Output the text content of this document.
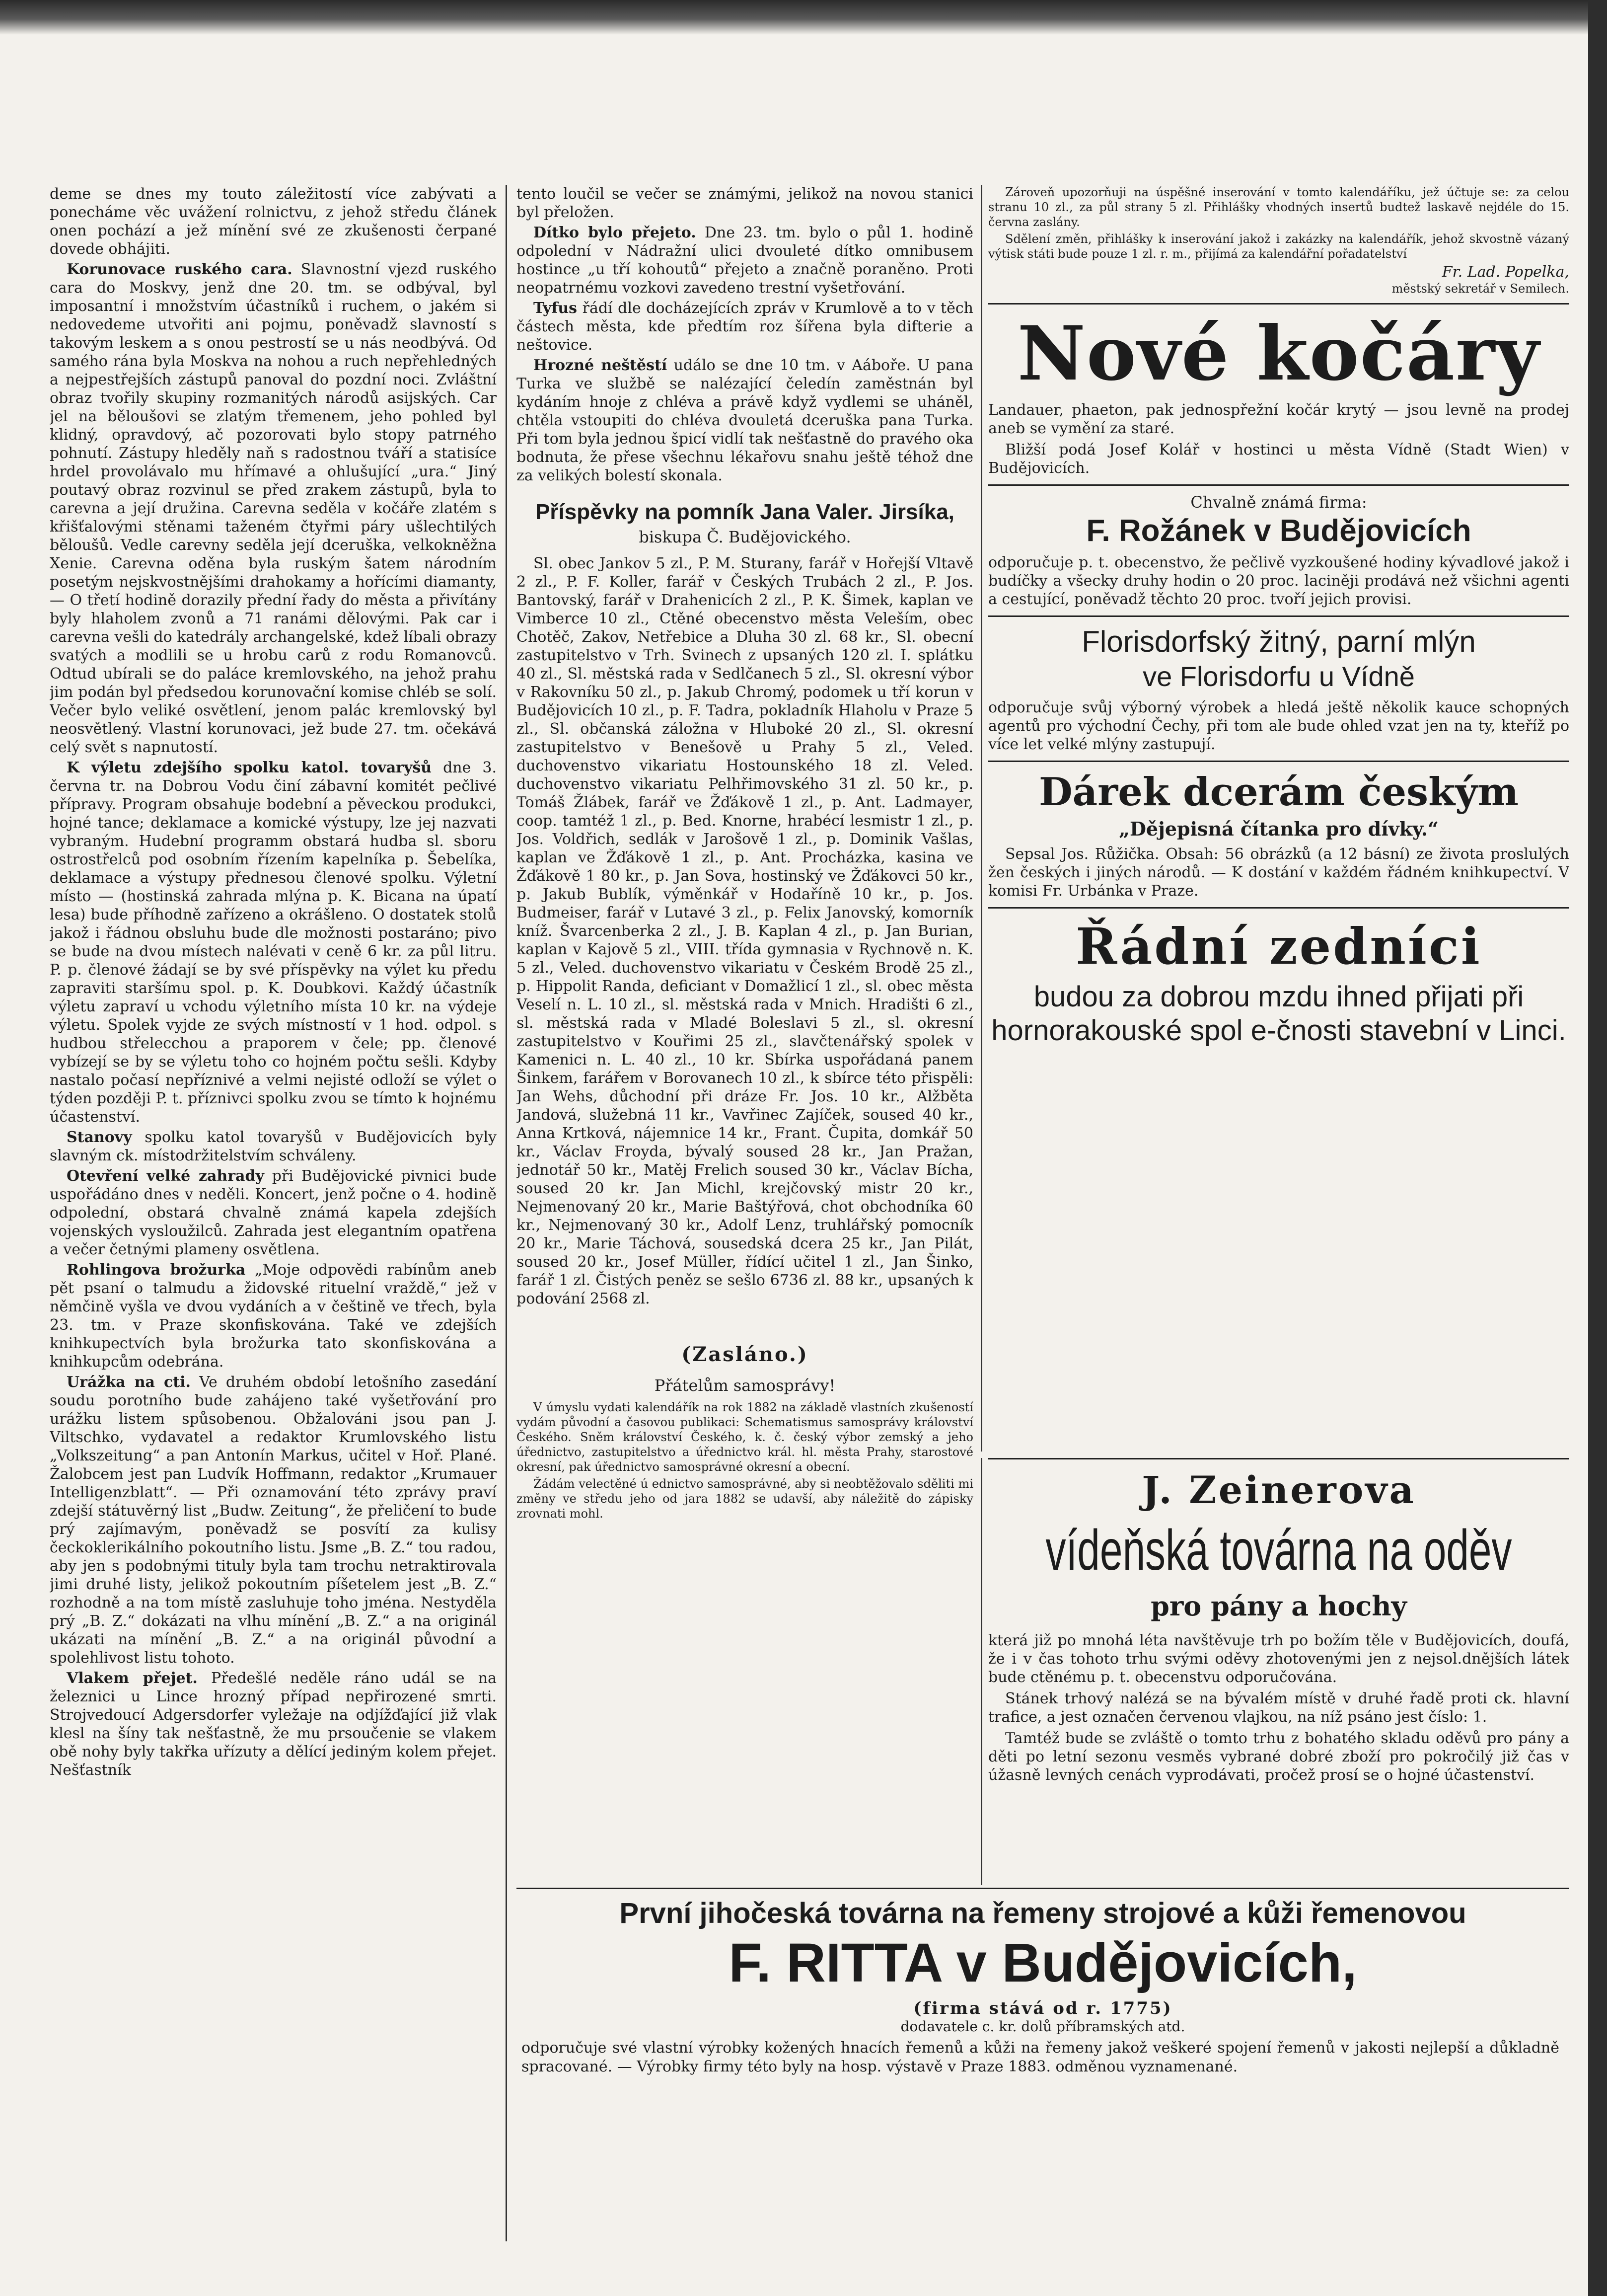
deme se dnes my touto záležitostí více zabývati a ponecháme věc uvážení rolnictvu, z jehož středu článek onen pochází a jež mínění své ze zkušenosti čerpané dovede obhájiti.

Korunovace ruského cara. Slavnostní vjezd ruského cara do Moskvy, jenž dne 20. tm. se odbýval, byl imposantní i množstvím účastníků i ruchem, o jakém si nedovedeme utvořiti ani pojmu, poněvadž slavností s takovým leskem a s onou pestrostí se u nás neodbývá. Od samého rána byla Moskva na nohou a ruch nepřehledných a nejpestřejších zástupů panoval do pozdní noci. Zvláštní obraz tvořily skupiny rozmanitých národů asijských. Car jel na běloušovi se zlatým třemenem, jeho pohled byl klidný, opravdový, ač pozorovati bylo stopy patrného pohnutí. Zástupy hleděly naň s radostnou tváří a statisíce hrdel provolávalo mu hřímavé a ohlušující „ura.“ Jiný poutavý obraz rozvinul se před zrakem zástupů, byla to carevna a její družina. Carevna seděla v kočáře zlatém s křišťalovými stěnami taženém čtyřmi páry ušlechtilých běloušů. Vedle carevny seděla její dceruška, velkokněžna Xenie. Carevna oděna byla ruským šatem národním posetým nejskvostnějšími drahokamy a hořícími diamanty, — O třetí hodině dorazily přední řady do města a přivítány byly hlaholem zvonů a 71 ranámi dělovými. Pak car i carevna vešli do katedrály archangelské, kdež líbali obrazy svatých a modlili se u hrobu carů z rodu Romanovců. Odtud ubírali se do paláce kremlovského, na jehož prahu jim podán byl předsedou korunovační komise chléb se solí. Večer bylo veliké osvětlení, jenom palác kremlovský byl neosvětlený. Vlastní korunovaci, jež bude 27. tm. očekává celý svět s napnutostí.

K výletu zdejšího spolku katol. tovaryšů dne 3. června tr. na Dobrou Vodu činí zábavní komitét pečlivé přípravy. Program obsahuje bodební a pěveckou produkci, hojné tance; deklamace a komické výstupy, lze jej nazvati vybraným. Hudební programm obstará hudba sl. sboru ostrostřelců pod osobním řízením kapelníka p. Šebelíka, deklamace a výstupy přednesou členové spolku. Výletní místo — (hostinská zahrada mlýna p. K. Bicana na úpatí lesa) bude příhodně zařízeno a okrášleno. O dostatek stolů jakož i řádnou obsluhu bude dle možnosti postaráno; pivo se bude na dvou místech nalévati v ceně 6 kr. za půl litru. P. p. členové žádají se by své příspěvky na výlet ku předu zapraviti staršímu spol. p. K. Doubkovi. Každý účastník výletu zapraví u vchodu výletního místa 10 kr. na výdeje výletu. Spolek vyjde ze svých místností v 1 hod. odpol. s hudbou střelecchou a praporem v čele; pp. členové vybízejí se by se výletu toho co hojném počtu sešli. Kdyby nastalo počasí nepříznivé a velmi nejisté odloží se výlet o týden později P. t. příznivci spolku zvou se tímto k hojnému účastenství.

Stanovy spolku katol tovaryšů v Budějovicích byly slavným ck. místodržitelstvím schváleny.

Otevření velké zahrady při Budějovické pivnici bude uspořádáno dnes v neděli. Koncert, jenž počne o 4. hodině odpolední, obstará chvalně známá kapela zdejších vojenských vysloužilců. Zahrada jest elegantním opatřena a večer četnými plameny osvětlena.

Rohlingova brožurka „Moje odpovědi rabínům aneb pět psaní o talmudu a židovské rituelní vraždě,“ jež v němčině vyšla ve dvou vydáních a v češtině ve třech, byla 23. tm. v Praze skonfiskována. Také ve zdejších knihkupectvích byla brožurka tato skonfiskována a knihkupcům odebrána.

Urážka na cti. Ve druhém období letošního zasedání soudu porotního bude zahájeno také vyšetřování pro urážku listem spůsobenou. Obžalováni jsou pan J. Viltschko, vydavatel a redaktor Krumlovského listu „Volkszeitung“ a pan Antonín Markus, učitel v Hoř. Plané. Žalobcem jest pan Ludvík Hoffmann, redaktor „Krumauer Intelligenzblatt“. — Při oznamování této zprávy praví zdejší státuvěrný list „Budw. Zeitung“, že přeličení to bude prý zajímavým, poněvadž se posvítí za kulisy čeckoklerikálního pokoutního listu. Jsme „B. Z.“ tou radou, aby jen s podobnými tituly byla tam trochu netraktirovala jimi druhé listy, jelikož pokoutním píšetelem jest „B. Z.“ rozhodně a na tom místě zasluhuje toho jména. Nestyděla prý „B. Z.“ dokázati na vlhu mínění „B. Z.“ a na originál ukázati na mínění „B. Z.“ a na originál původní a spolehlivost listu tohoto.

Vlakem přejet. Předešlé neděle ráno udál se na železnici u Lince hrozný případ nepřirozené smrti. Strojvedoucí Adgersdorfer vyležaje na odjížďající již vlak klesl na šíny tak nešťastně, že mu prsoučenie se vlakem obě nohy byly takřka uřízuty a dělící jediným kolem přejet. Nešťastník

tento loučil se večer se známými, jelikož na novou stanici byl přeložen.

Dítko bylo přejeto. Dne 23. tm. bylo o půl 1. hodině odpolední v Nádražní ulici dvouleté dítko omnibusem hostince „u tří kohoutů“ přejeto a značně poraněno. Proti neopatrnému vozkovi zavedeno trestní vyšetřování.

Tyfus řádí dle docházejících zpráv v Krumlově a to v těch částech města, kde předtím roz šířena byla difterie a neštovice.

Hrozné neštěstí událo se dne 10 tm. v Aáboře. U pana Turka ve službě se nalézající čeledín zaměstnán byl kydáním hnoje z chléva a právě když vydlemi se uháněl, chtěla vstoupiti do chléva dvouletá dceruška pana Turka. Při tom byla jednou špicí vidlí tak nešťastně do pravého oka bodnuta, že přese všechnu lékařovu snahu ještě téhož dne za velikých bolestí skonala.

Příspěvky na pomník Jana Valer. Jirsíka,
biskupa Č. Budějovického.

Sl. obec Jankov 5 zl., P. M. Sturany, farář v Hořejší Vltavě 2 zl., P. F. Koller, farář v Českých Trubách 2 zl., P. Jos. Bantovský, farář v Drahenicích 2 zl., P. K. Šimek, kaplan ve Vimberce 10 zl., Ctěné obecenstvo města Veleším, obec Chotěč, Zakov, Netřebice a Dluha 30 zl. 68 kr., Sl. obecní zastupitelstvo v Trh. Svinech z upsaných 120 zl. I. splátku 40 zl., Sl. městská rada v Sedlčanech 5 zl., Sl. okresní výbor v Rakovníku 50 zl., p. Jakub Chromý, podomek u tří korun v Budějovicích 10 zl., p. F. Tadra, pokladník Hlaholu v Praze 5 zl., Sl. občanská záložna v Hluboké 20 zl., Sl. okresní zastupitelstvo v Benešově u Prahy 5 zl., Veled. duchovenstvo vikariatu Hostounského 18 zl. Veled. duchovenstvo vikariatu Pelhřimovského 31 zl. 50 kr., p. Tomáš Žlábek, farář ve Žďákově 1 zl., p. Ant. Ladmayer, coop. tamtéž 1 zl., p. Bed. Knorne, hrabécí lesmistr 1 zl., p. Jos. Voldřich, sedlák v Jarošově 1 zl., p. Dominik Vašlas, kaplan ve Žďákově 1 zl., p. Ant. Procházka, kasina ve Žďákově 1 80 kr., p. Jan Sova, hostinský ve Žďákovci 50 kr., p. Jakub Bublík, výměnkář v Hodaříně 10 kr., p. Jos. Budmeiser, farář v Lutavé 3 zl., p. Felix Janovský, komorník kníž. Švarcenberka 2 zl., J. B. Kaplan 4 zl., p. Jan Burian, kaplan v Kajově 5 zl., VIII. třída gymnasia v Rychnově n. K. 5 zl., Veled. duchovenstvo vikariatu v Českém Brodě 25 zl., p. Hippolit Randa, deficiant v Domažlicí 1 zl., sl. obec města Veselí n. L. 10 zl., sl. městská rada v Mnich. Hradišti 6 zl., sl. městská rada v Mladé Boleslavi 5 zl., sl. okresní zastupitelstvo v Kouřimi 25 zl., slavčtenářský spolek v Kamenici n. L. 40 zl., 10 kr. Sbírka uspořádaná panem Šinkem, farářem v Borovanech 10 zl., k sbírce této přispěli: Jan Wehs, důchodní při dráze Fr. Jos. 10 kr., Alžběta Jandová, služebná 11 kr., Vavřinec Zajíček, soused 40 kr., Anna Krtková, nájemnice 14 kr., Frant. Čupita, domkář 50 kr., Václav Froyda, bývalý soused 28 kr., Jan Pražan, jednotář 50 kr., Matěj Frelich soused 30 kr., Václav Bícha, soused 20 kr. Jan Michl, krejčovský mistr 20 kr., Nejmenovaný 20 kr., Marie Baštýřová, chot obchodníka 60 kr., Nejmenovaný 30 kr., Adolf Lenz, truhlářský pomocník 20 kr., Marie Táchová, sousedská dcera 25 kr., Jan Pilát, soused 20 kr., Josef Müller, řídící učitel 1 zl., Jan Šinko, farář 1 zl. Čistých peněz se sešlo 6736 zl. 88 kr., upsaných k podování 2568 zl.

(Zasláno.)
Přátelům samosprávy!

V úmyslu vydati kalendářík na rok 1882 na základě vlastních zkušeností vydám původní a časovou publikaci: Schematismus samosprávy království Českého. Sněm království Českého, k. č. český výbor zemský a jeho úřednictvo, zastupitelstvo a úřednictvo král. hl. města Prahy, starostové okresní, pak úřednictvo samosprávné okresní a obecní.

Žádám velectěné ú ednictvo samosprávné, aby si neobtěžovalo sděliti mi změny ve středu jeho od jara 1882 se udavší, aby náležitě do zápisky zrovnati mohl.

Zároveň upozorňuji na úspěšné inserování v tomto kalendáříku, jež účtuje se: za celou stranu 10 zl., za půl strany 5 zl. Přihlášky vhodných insertů budtež laskavě nejdéle do 15. června zaslány.

Sdělení změn, přihlášky k inserování jakož i zakázky na kalendářík, jehož skvostně vázaný výtisk státi bude pouze 1 zl. r. m., přijímá za kalendářní pořadatelství

Fr. Lad. Popelka,
městský sekretář v Semilech.
Nové kočáry

Landauer, phaeton, pak jednospřežní kočár krytý — jsou levně na prodej aneb se vymění za staré.

Bližší podá Josef Kolář v hostinci u města Vídně (Stadt Wien) v Budějovicích.

Chvalně známá firma:
F. Rožánek v Budějovicích

odporučuje p. t. obecenstvo, že pečlivě vyzkoušené hodiny kývadlové jakož i budíčky a všecky druhy hodin o 20 proc. laciněji prodává než všichni agenti a cestující, poněvadž těchto 20 proc. tvoří jejich provisi.

Florisdorfský žitný, parní mlýn
ve Florisdorfu u Vídně

odporučuje svůj výborný výrobek a hledá ještě několik kauce schopných agentů pro východní Čechy, při tom ale bude ohled vzat jen na ty, kteříž po více let velké mlýny zastupují.

Dárek dcerám českým
„Dějepisná čítanka pro dívky.“

Sepsal Jos. Růžička. Obsah: 56 obrázků (a 12 básní) ze života proslulých žen českých i jiných národů. — K dostání v každém řádném knihkupectví. V komisi Fr. Urbánka v Praze.

Řádní zedníci
budou za dobrou mzdu ihned přijati při hornorakouské spol e-čnosti stavební v Linci.
J. Zeinerova
vídeňská továrna na oděv
pro pány a hochy

která již po mnohá léta navštěvuje trh po božím těle v Budějovicích, doufá, že i v čas tohoto trhu svými oděvy zhotovenými jen z nejsol.dnějších látek bude ctěnému p. t. obecenstvu odporučována.

Stánek trhový nalézá se na bývalém místě v druhé řadě proti ck. hlavní trafice, a jest označen červenou vlajkou, na níž psáno jest číslo: 1.

Tamtéž bude se zvláště o tomto trhu z bohatého skladu oděvů pro pány a děti po letní sezonu vesměs vybrané dobré zboží pro pokročilý již čas v úžasně levných cenách vyprodávati, pročež prosí se o hojné účastenství.

První jihočeská továrna na řemeny strojové a kůži řemenovou
F. RITTA v Budějovicích,
(firma stává od r. 1775)
dodavatele c. kr. dolů příbramských atd.

odporučuje své vlastní výrobky kožených hnacích řemenů a kůži na řemeny jakož veškeré spojení řemenů v jakosti nejlepší a důkladně spracované. — Výrobky firmy této byly na hosp. výstavě v Praze 1883. odměnou vyznamenané.
